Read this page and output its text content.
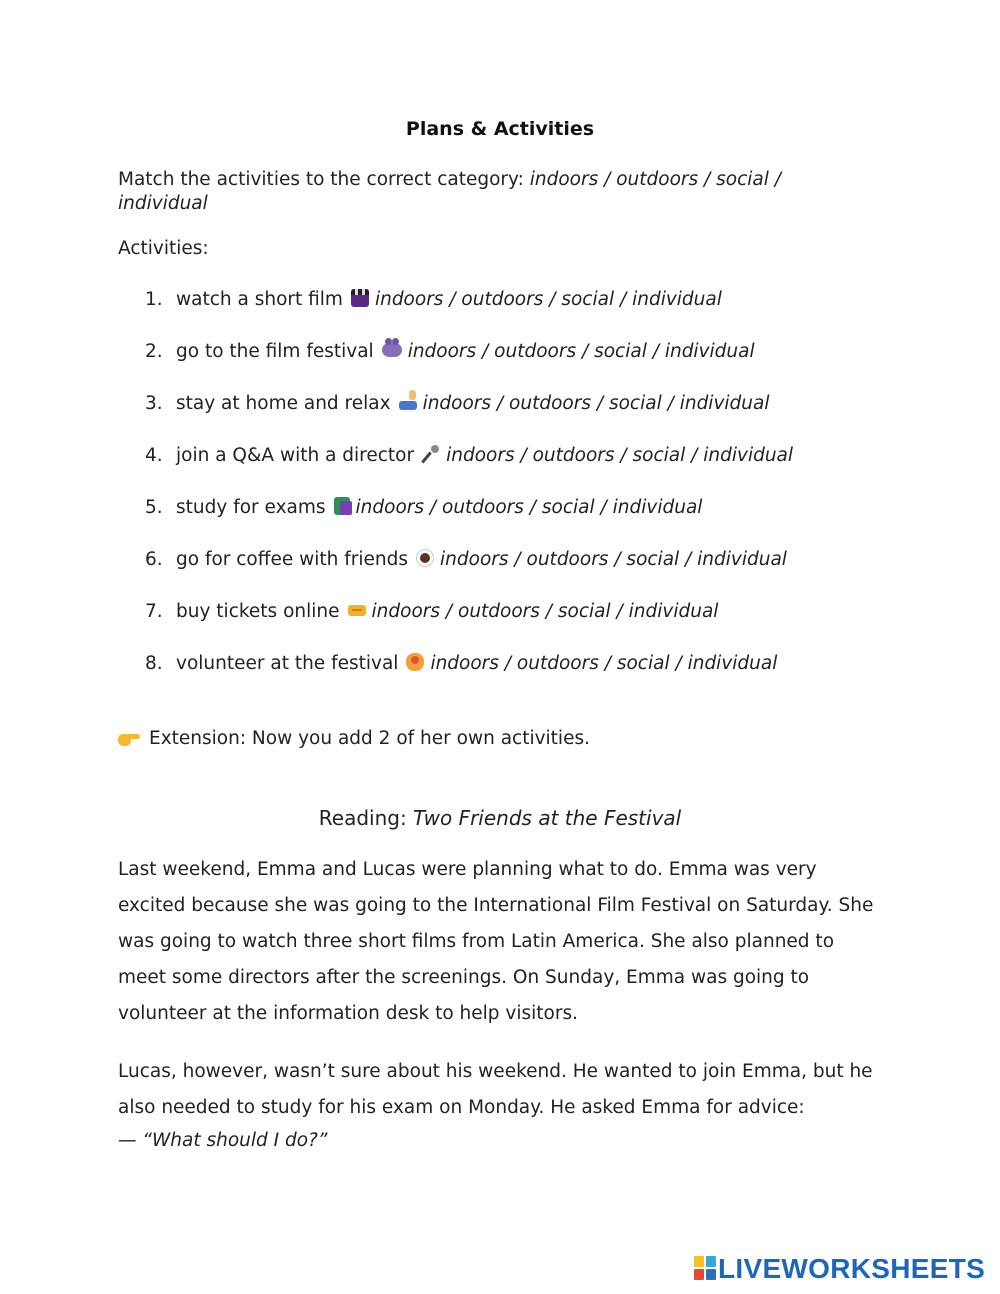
Plans & Activities
Match the activities to the correct category: indoors / outdoors / social / individual
Activities:
1. watch a short film indoors / outdoors / social / individual
2. go to the film festival indoors / outdoors / social / individual
3. stay at home and relax indoors / outdoors / social / individual
4. join a Q&A with a director indoors / outdoors / social / individual
5. study for exams indoors / outdoors / social / individual
6. go for coffee with friends indoors / outdoors / social / individual
7. buy tickets online indoors / outdoors / social / individual
8. volunteer at the festival indoors / outdoors / social / individual
Extension: Now you add 2 of her own activities.
Reading: Two Friends at the Festival

Last weekend, Emma and Lucas were planning what to do. Emma was very excited because she was going to the International Film Festival on Saturday. She was going to watch three short films from Latin America. She also planned to meet some directors after the screenings. On Sunday, Emma was going to volunteer at the information desk to help visitors.

Lucas, however, wasn’t sure about his weekend. He wanted to join Emma, but he also needed to study for his exam on Monday. He asked Emma for advice:

— “What should I do?”
LIVEWORKSHEETS
